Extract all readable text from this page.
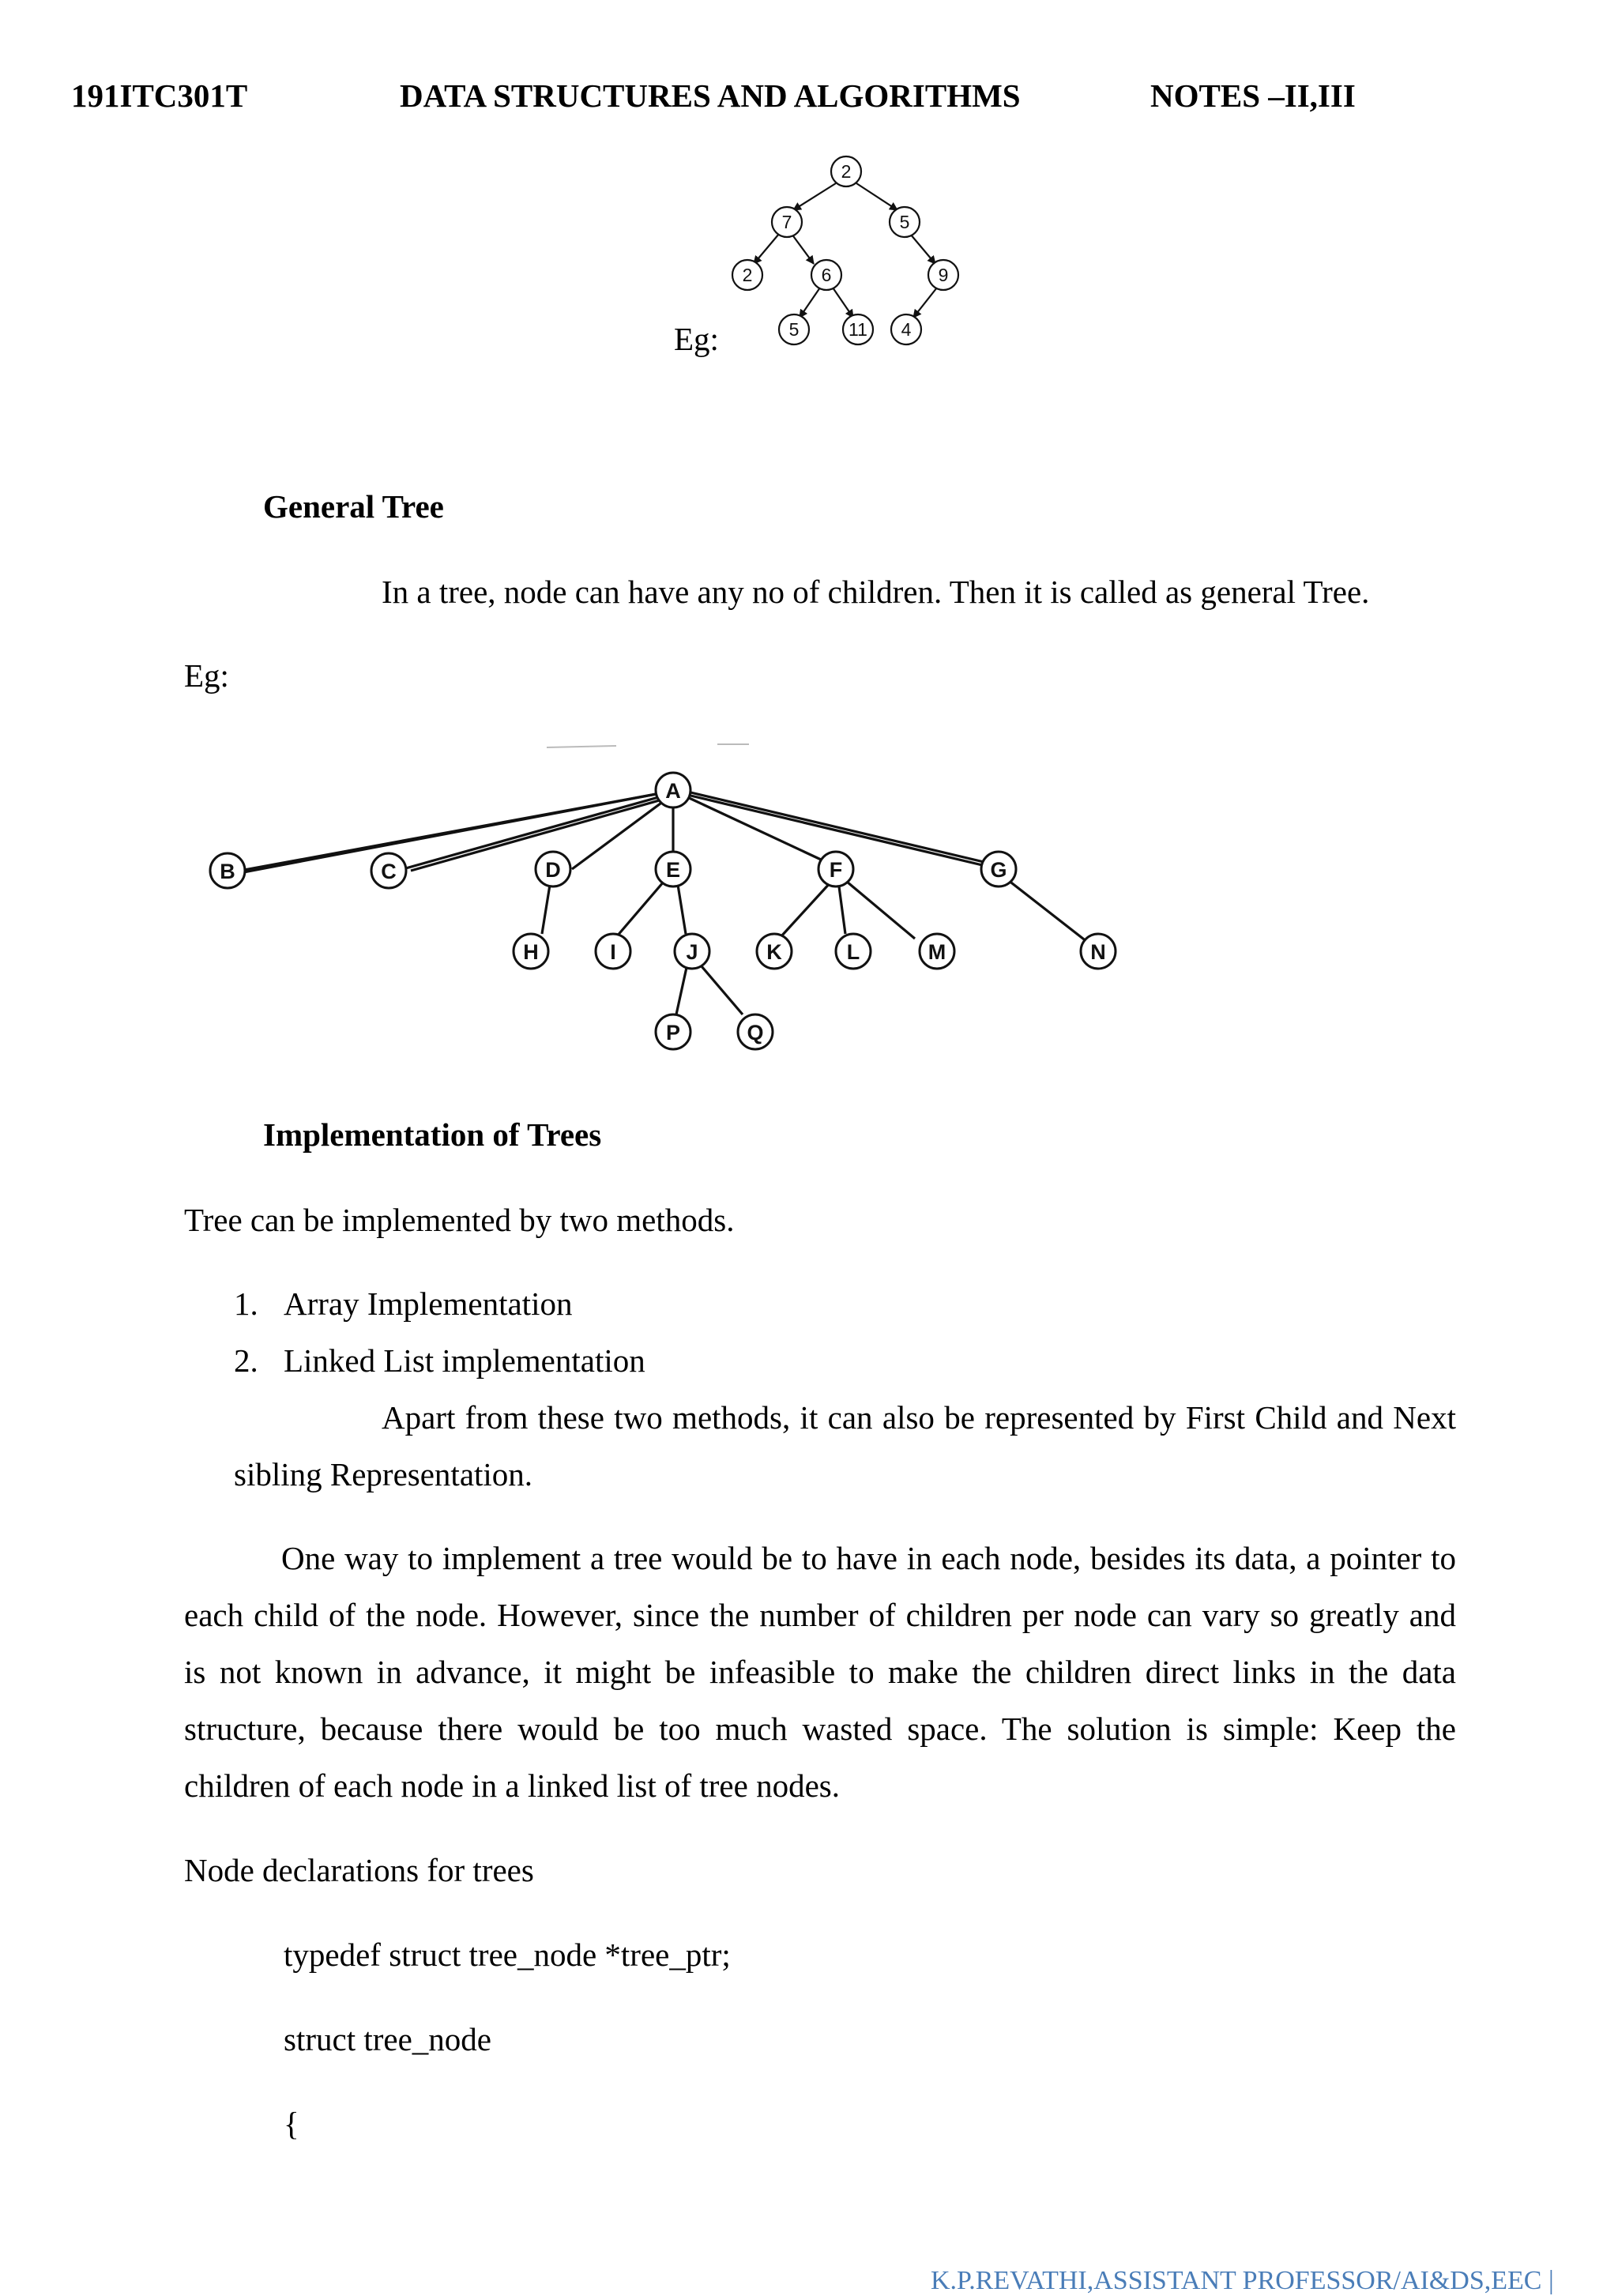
191ITC301T	DATA STRUCTURES AND ALGORITHMS	NOTES –II,III
Eg:
2
7	5
2	6	9
5	11 4
General Tree
In a tree, node can have any no of children. Then it is called as general Tree.
Eg:
A
B	C	D	E	F	G
H	I	J	K	L	M	N
P	Q
Implementation of Trees
Tree can be implemented by two methods.
1. Array Implementation
2. Linked List implementation
Apart from these two methods, it can also be represented by First Child and Next
sibling Representation.
One way to implement a tree would be to have in each node, besides its data, a pointer to
each child of the node. However, since the number of children per node can vary so greatly and
is not known in advance, it might be infeasible to make the children direct links in the data
structure, because there would be too much wasted space. The solution is simple: Keep the
children of each node in a linked list of tree nodes.
Node declarations for trees
typedef struct tree_node *tree_ptr;
struct tree_node
{
K.P.REVATHI,ASSISTANT PROFESSOR/AI&DS,EEC |
